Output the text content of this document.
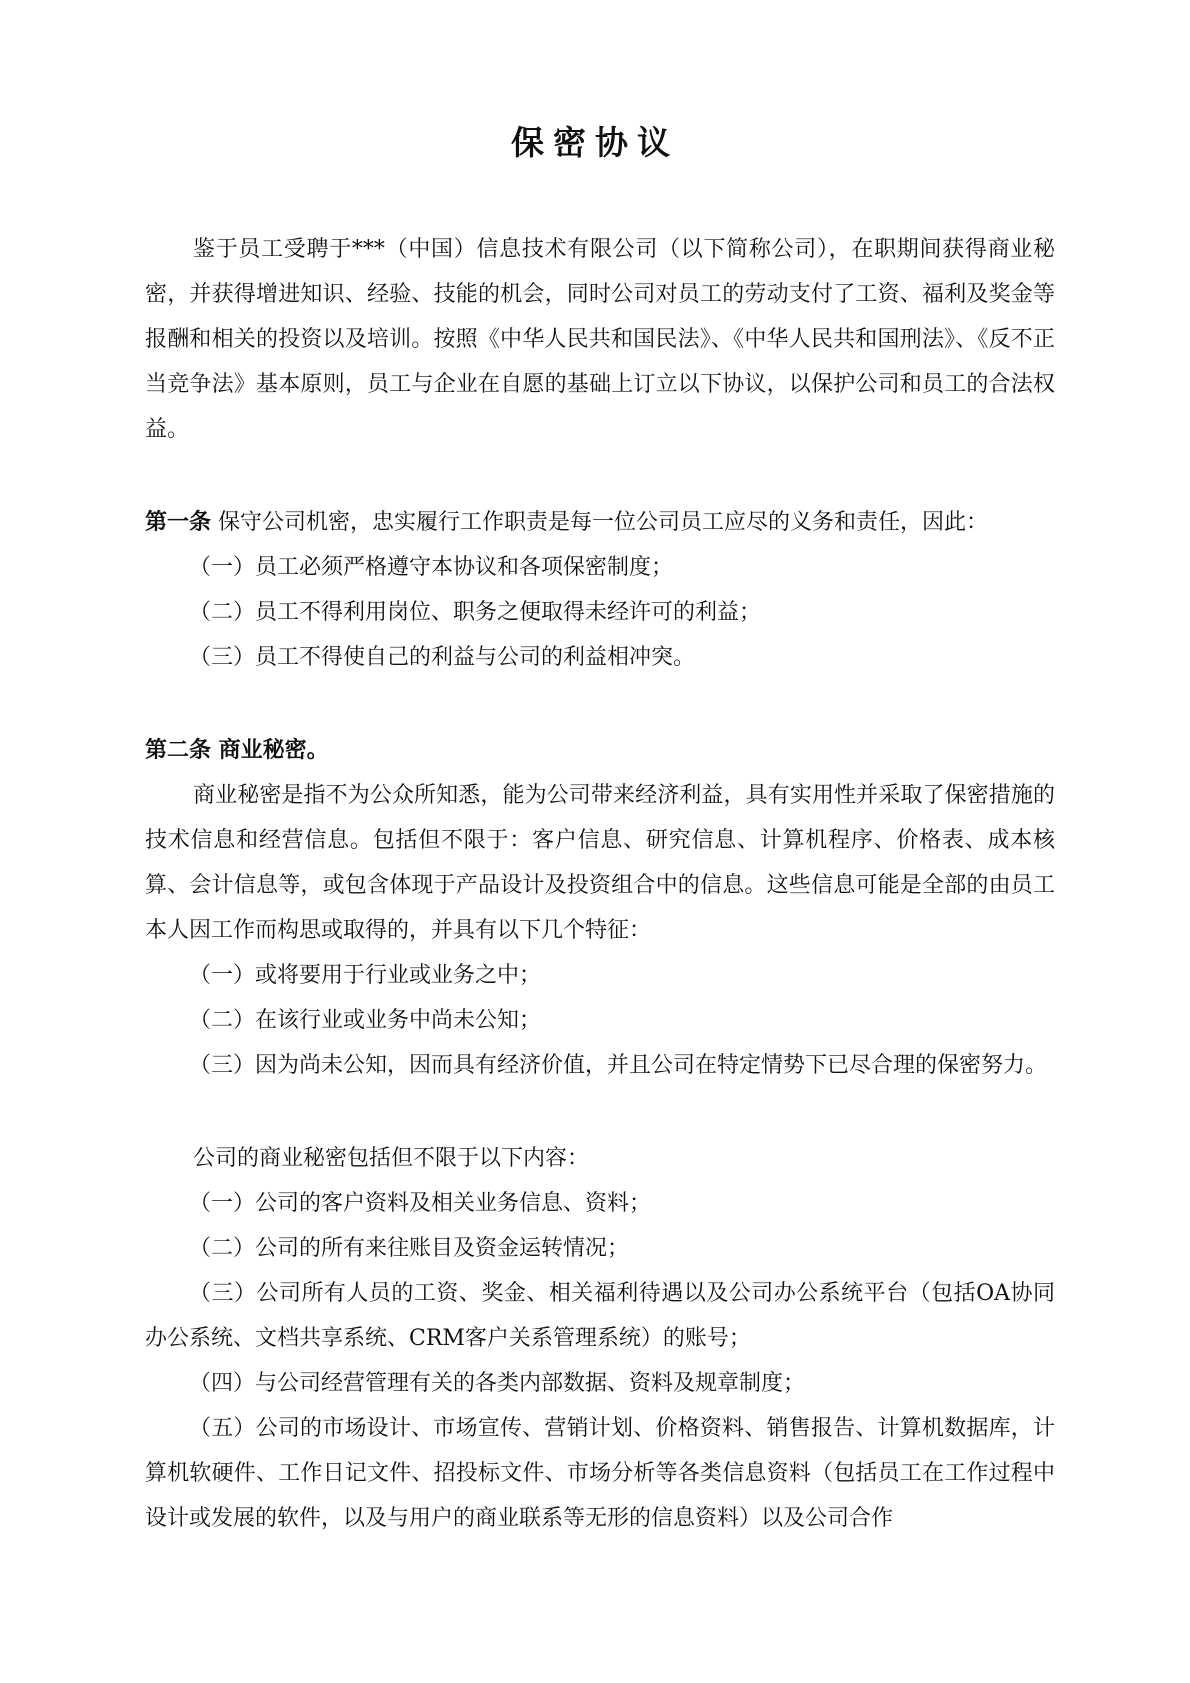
保密协议

鉴于员工受聘于***（中国）信息技术有限公司（以下简称公司），在职期间获得商业秘密，并获得增进知识、经验、技能的机会，同时公司对员工的劳动支付了工资、福利及奖金等报酬和相关的投资以及培训。按照《中华人民共和国民法》、《中华人民共和国刑法》、《反不正当竞争法》基本原则，员工与企业在自愿的基础上订立以下协议，以保护公司和员工的合法权益。

第一条 保守公司机密，忠实履行工作职责是每一位公司员工应尽的义务和责任，因此：

（一）员工必须严格遵守本协议和各项保密制度；

（二）员工不得利用岗位、职务之便取得未经许可的利益；

（三）员工不得使自己的利益与公司的利益相冲突。

第二条 商业秘密。

商业秘密是指不为公众所知悉，能为公司带来经济利益，具有实用性并采取了保密措施的技术信息和经营信息。包括但不限于：客户信息、研究信息、计算机程序、价格表、成本核算、会计信息等，或包含体现于产品设计及投资组合中的信息。这些信息可能是全部的由员工本人因工作而构思或取得的，并具有以下几个特征：

（一）或将要用于行业或业务之中；

（二）在该行业或业务中尚未公知；

（三）因为尚未公知，因而具有经济价值，并且公司在特定情势下已尽合理的保密努力。

公司的商业秘密包括但不限于以下内容：

（一）公司的客户资料及相关业务信息、资料；

（二）公司的所有来往账目及资金运转情况；

（三）公司所有人员的工资、奖金、相关福利待遇以及公司办公系统平台（包括OA协同办公系统、文档共享系统、CRM客户关系管理系统）的账号；

（四）与公司经营管理有关的各类内部数据、资料及规章制度；

（五）公司的市场设计、市场宣传、营销计划、价格资料、销售报告、计算机数据库，计算机软硬件、工作日记文件、招投标文件、市场分析等各类信息资料（包括员工在工作过程中设计或发展的软件，以及与用户的商业联系等无形的信息资料）以及公司合作
